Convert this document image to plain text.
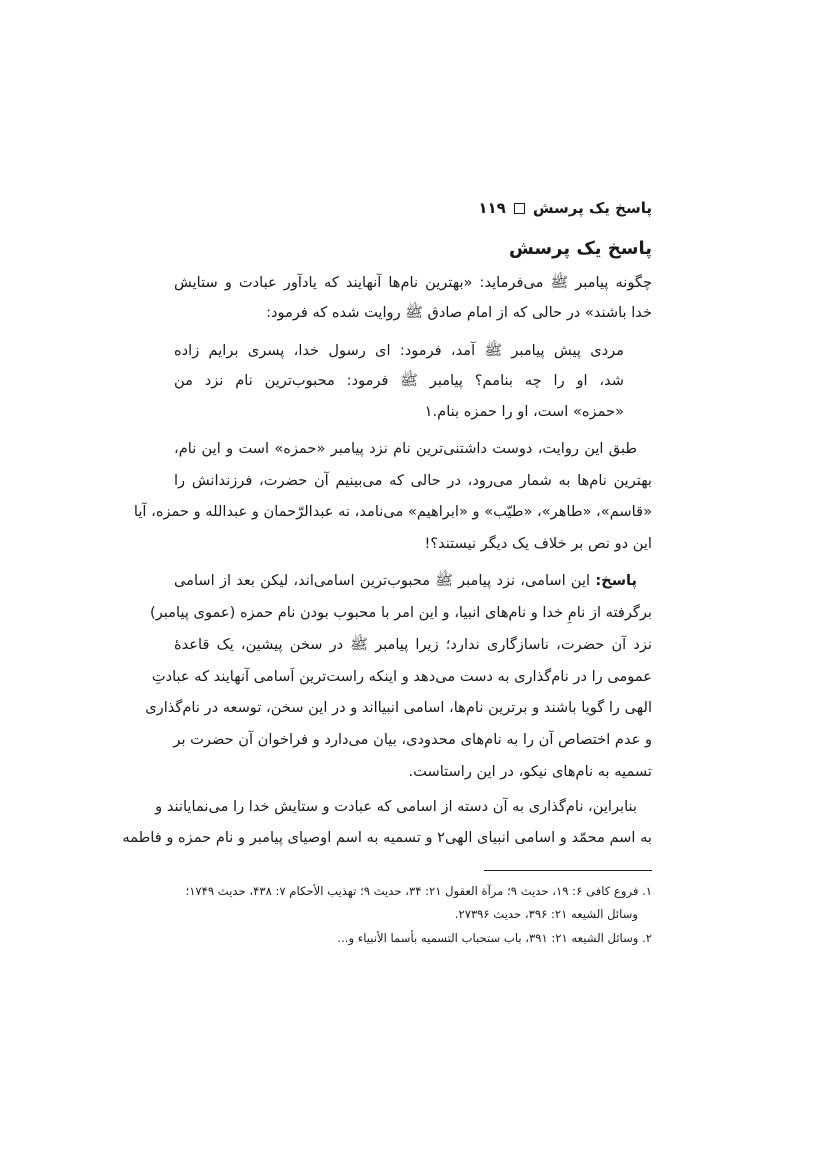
پاسخ یک پرسش
۱۱۹
پاسخ یک پرسش
چگونه پیامبر ﷺ می‌فرماید: «بهترین نام‌ها آنهایند که یادآور عبادت و ستایش
خدا باشند» در حالی که از امام صادق ﷺ روایت شده که فرمود:
مردی پیش پیامبر ﷺ آمد، فرمود: ای رسول خدا، پسری برایم زاده
شد، او را چه بنامم؟ پیامبر ﷺ فرمود: محبوب‌ترین نام نزد من
«حمزه» است، او را حمزه بنام.۱
طبق این روایت، دوست داشتنی‌ترین نام نزد پیامبر «حمزه» است و این نام،
بهترین نام‌ها به شمار می‌رود، در حالی که می‌بینیم آن حضرت، فرزندانش را
«قاسم»، «طاهر»، «طیّب» و «ابراهیم» می‌نامد، نه عبدالرّحمان و عبدالله و حمزه، آیا
این دو نص بر خلاف یک دیگر نیستند؟!
پاسخ: این اسامی، نزد پیامبر ﷺ محبوب‌ترین اسامی‌اند، لیکن بعد از اسامی
برگرفته از نامِ خدا و نام‌های انبیا، و این امر با محبوب بودن نام حمزه (عموی پیامبر)
نزد آن حضرت، ناسازگاری ندارد؛ زیرا پیامبر ﷺ در سخن پیشین، یک قاعدهٔ
عمومی را در نام‌گذاری به دست می‌دهد و اینکه راست‌ترین اَسامی آنهایند که عبادتِ
الهی را گویا باشند و برترین نام‌ها، اسامی انبیااند و در این سخن، توسعه در نام‌گذاری
و عدم اختصاص آن را به نام‌های محدودی، بیان می‌دارد و فراخوان آن حضرت بر
تسمیه به نام‌های نیکو، در این راستاست.
بنابراین، نام‌گذاری به آن دسته از اسامی که عبادت و ستایش خدا را می‌نمایانند و
به اسم محمّد و اسامی انبیای الهی۲ و تسمیه به اسم اوصیای پیامبر و نام حمزه و فاطمه
۱. فروع کافی ۶: ۱۹، حدیث ۹؛ مرآة العقول ۲۱: ۳۴، حدیث ۹؛ تهذیب الأحکام ۷: ۴۳۸، حدیث ۱۷۴۹؛
وسائل الشیعه ۲۱: ۳۹۶، حدیث ۲۷۳۹۶.
۲. وسائل الشیعه ۲۱: ۳۹۱، باب ستحباب التسمیه بأسما الأنبیاء و...
